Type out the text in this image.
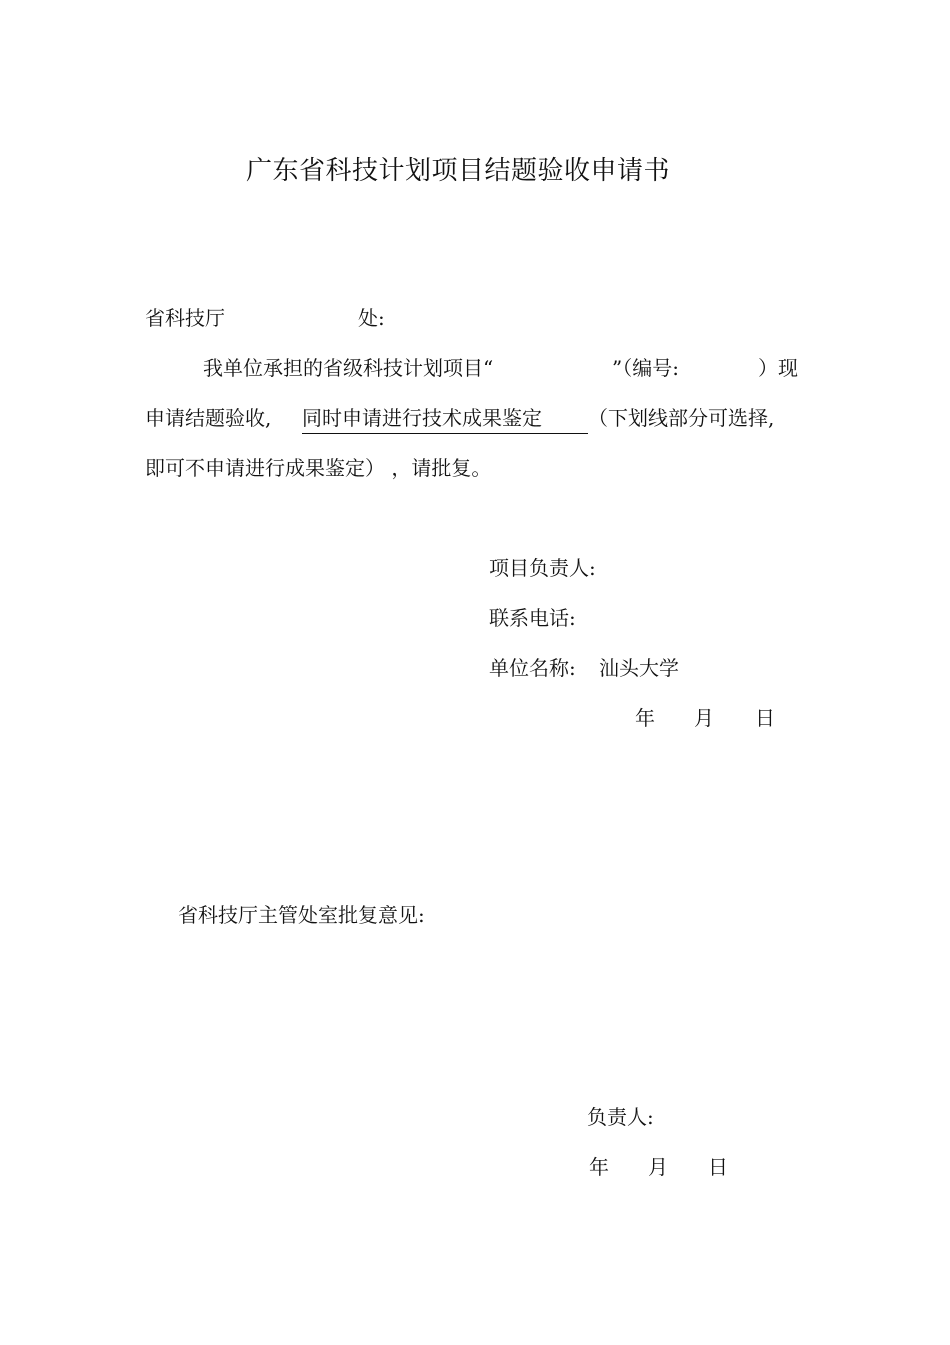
广东省科技计划项目结题验收申请书
省科技厅	处:
我单位承担的省级科技计划项目“	”（编号:	）现
申请结题验收, 同时申请进行技术成果鉴定	（下划线部分可选择,
即可不申请进行成果鉴定） ，请批复。
项目负责人:
联系电话:
单位名称: 汕头大学
年 月 日
省科技厅主管处室批复意见:
负责人:
年 月 日
